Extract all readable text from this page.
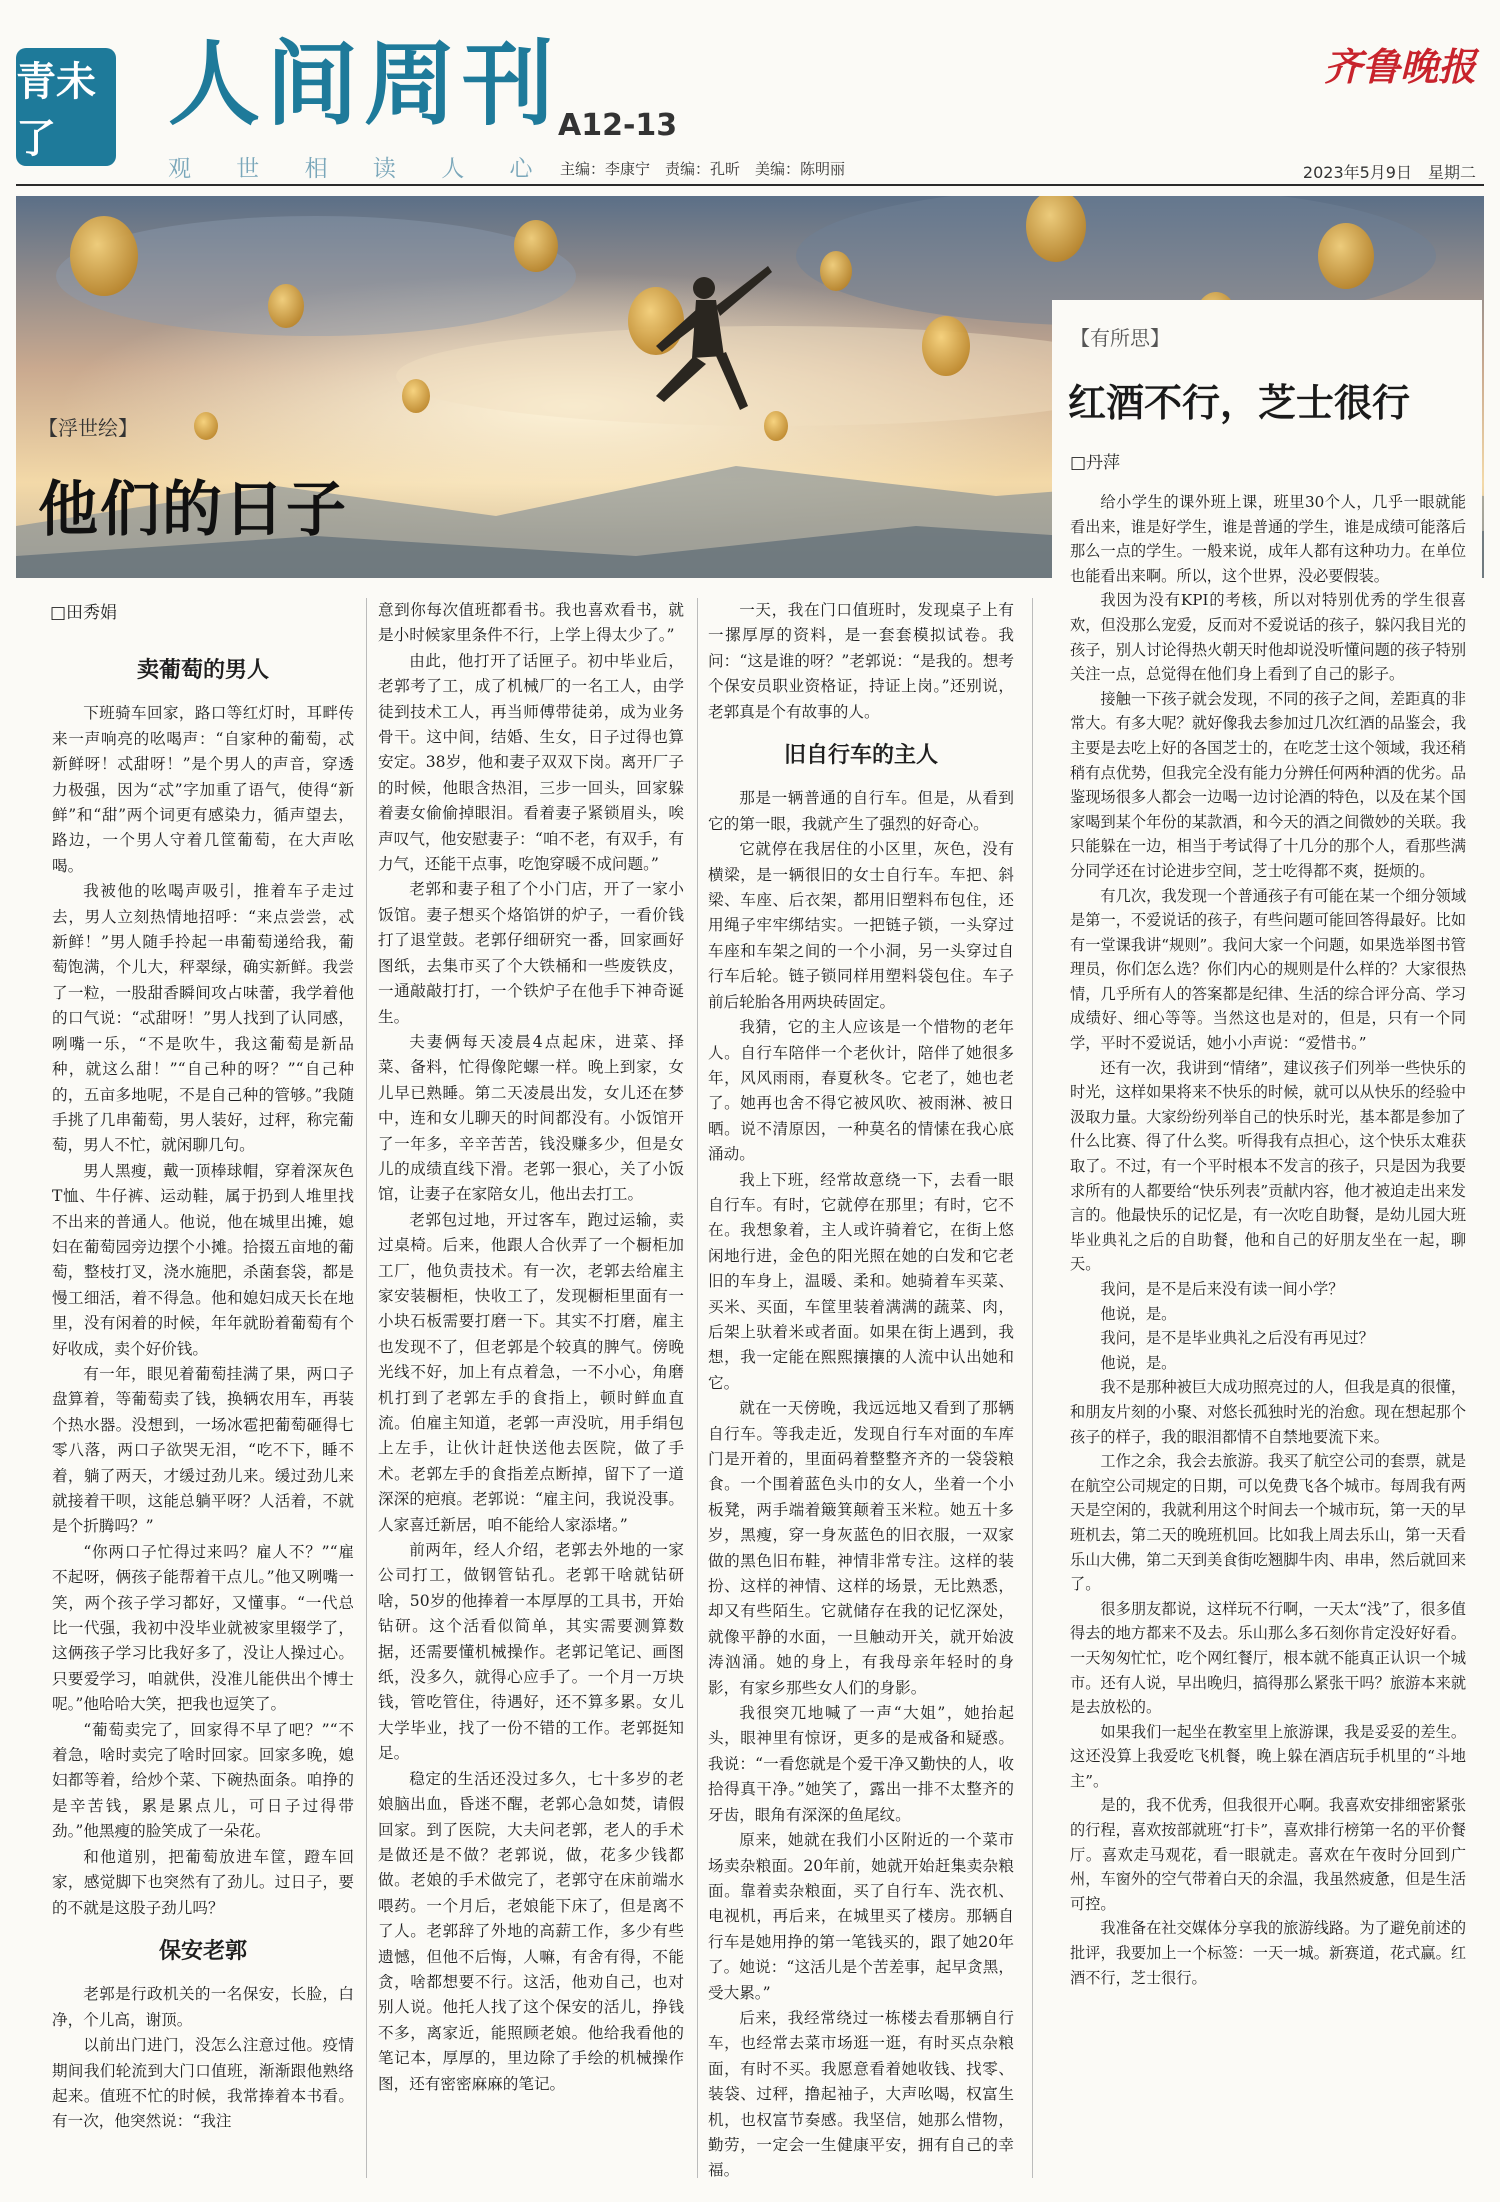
青未了
人间周刊
A12-13
观 世 相 读 人 心 主编：李康宁　责编：孔昕　美编：陈明丽
齐鲁晚报
2023年5月9日　星期二
【浮世绘】
他们的日子
□田秀娟
卖葡萄的男人

下班骑车回家，路口等红灯时，耳畔传来一声响亮的吆喝声：“自家种的葡萄，忒新鲜呀！忒甜呀！”是个男人的声音，穿透力极强，因为“忒”字加重了语气，使得“新鲜”和“甜”两个词更有感染力，循声望去，路边，一个男人守着几筐葡萄，在大声吆喝。

我被他的吆喝声吸引，推着车子走过去，男人立刻热情地招呼：“来点尝尝，忒新鲜！”男人随手拎起一串葡萄递给我，葡萄饱满，个儿大，秤翠绿，确实新鲜。我尝了一粒，一股甜香瞬间攻占味蕾，我学着他的口气说：“忒甜呀！”男人找到了认同感，咧嘴一乐，“不是吹牛，我这葡萄是新品种，就这么甜！”“自己种的呀？”“自己种的，五亩多地呢，不是自己种的管够。”我随手挑了几串葡萄，男人装好，过秤，称完葡萄，男人不忙，就闲聊几句。

男人黑瘦，戴一顶棒球帽，穿着深灰色T恤、牛仔裤、运动鞋，属于扔到人堆里找不出来的普通人。他说，他在城里出摊，媳妇在葡萄园旁边摆个小摊。拾掇五亩地的葡萄，整枝打叉，浇水施肥，杀菌套袋，都是慢工细活，着不得急。他和媳妇成天长在地里，没有闲着的时候，年年就盼着葡萄有个好收成，卖个好价钱。

有一年，眼见着葡萄挂满了果，两口子盘算着，等葡萄卖了钱，换辆农用车，再装个热水器。没想到，一场冰雹把葡萄砸得七零八落，两口子欲哭无泪，“吃不下，睡不着，躺了两天，才缓过劲儿来。缓过劲儿来就接着干呗，这能总躺平呀？人活着，不就是个折腾吗？”

“你两口子忙得过来吗？雇人不？”“雇不起呀，俩孩子能帮着干点儿。”他又咧嘴一笑，两个孩子学习都好，又懂事。“一代总比一代强，我初中没毕业就被家里辍学了，这俩孩子学习比我好多了，没让人操过心。只要爱学习，咱就供，没准儿能供出个博士呢。”他哈哈大笑，把我也逗笑了。

“葡萄卖完了，回家得不早了吧？”“不着急，啥时卖完了啥时回家。回家多晚，媳妇都等着，给炒个菜、下碗热面条。咱挣的是辛苦钱，累是累点儿，可日子过得带劲。”他黑瘦的脸笑成了一朵花。

和他道别，把葡萄放进车筐，蹬车回家，感觉脚下也突然有了劲儿。过日子，要的不就是这股子劲儿吗？

保安老郭

老郭是行政机关的一名保安，长脸，白净，个儿高，谢顶。

以前出门进门，没怎么注意过他。疫情期间我们轮流到大门口值班，渐渐跟他熟络起来。值班不忙的时候，我常捧着本书看。有一次，他突然说：“我注

意到你每次值班都看书。我也喜欢看书，就是小时候家里条件不行，上学上得太少了。”

由此，他打开了话匣子。初中毕业后，老郭考了工，成了机械厂的一名工人，由学徒到技术工人，再当师傅带徒弟，成为业务骨干。这中间，结婚、生女，日子过得也算安定。38岁，他和妻子双双下岗。离开厂子的时候，他眼含热泪，三步一回头，回家躲着妻女偷偷掉眼泪。看着妻子紧锁眉头，唉声叹气，他安慰妻子：“咱不老，有双手，有力气，还能干点事，吃饱穿暖不成问题。”

老郭和妻子租了个小门店，开了一家小饭馆。妻子想买个烙馅饼的炉子，一看价钱打了退堂鼓。老郭仔细研究一番，回家画好图纸，去集市买了个大铁桶和一些废铁皮，一通敲敲打打，一个铁炉子在他手下神奇诞生。

夫妻俩每天凌晨4点起床，进菜、择菜、备料，忙得像陀螺一样。晚上到家，女儿早已熟睡。第二天凌晨出发，女儿还在梦中，连和女儿聊天的时间都没有。小饭馆开了一年多，辛辛苦苦，钱没赚多少，但是女儿的成绩直线下滑。老郭一狠心，关了小饭馆，让妻子在家陪女儿，他出去打工。

老郭包过地，开过客车，跑过运输，卖过桌椅。后来，他跟人合伙弄了一个橱柜加工厂，他负责技术。有一次，老郭去给雇主家安装橱柜，快收工了，发现橱柜里面有一小块石板需要打磨一下。其实不打磨，雇主也发现不了，但老郭是个较真的脾气。傍晚光线不好，加上有点着急，一不小心，角磨机打到了老郭左手的食指上，顿时鲜血直流。伯雇主知道，老郭一声没吭，用手绢包上左手，让伙计赶快送他去医院，做了手术。老郭左手的食指差点断掉，留下了一道深深的疤痕。老郭说：“雇主问，我说没事。人家喜迁新居，咱不能给人家添堵。”

前两年，经人介绍，老郭去外地的一家公司打工，做钢管钻孔。老郭干啥就钻研啥，50岁的他捧着一本厚厚的工具书，开始钻研。这个活看似简单，其实需要测算数据，还需要懂机械操作。老郭记笔记、画图纸，没多久，就得心应手了。一个月一万块钱，管吃管住，待遇好，还不算多累。女儿大学毕业，找了一份不错的工作。老郭挺知足。

稳定的生活还没过多久，七十多岁的老娘脑出血，昏迷不醒，老郭心急如焚，请假回家。到了医院，大夫问老郭，老人的手术是做还是不做？老郭说，做，花多少钱都做。老娘的手术做完了，老郭守在床前端水喂药。一个月后，老娘能下床了，但是离不了人。老郭辞了外地的高薪工作，多少有些遗憾，但他不后悔，人嘛，有舍有得，不能贪，啥都想要不行。这活，他劝自己，也对别人说。他托人找了这个保安的活儿，挣钱不多，离家近，能照顾老娘。他给我看他的笔记本，厚厚的，里边除了手绘的机械操作图，还有密密麻麻的笔记。

一天，我在门口值班时，发现桌子上有一摞厚厚的资料，是一套套模拟试卷。我问：“这是谁的呀？”老郭说：“是我的。想考个保安员职业资格证，持证上岗。”还别说，老郭真是个有故事的人。

旧自行车的主人

那是一辆普通的自行车。但是，从看到它的第一眼，我就产生了强烈的好奇心。

它就停在我居住的小区里，灰色，没有横梁，是一辆很旧的女士自行车。车把、斜梁、车座、后衣架，都用旧塑料布包住，还用绳子牢牢绑结实。一把链子锁，一头穿过车座和车架之间的一个小洞，另一头穿过自行车后轮。链子锁同样用塑料袋包住。车子前后轮胎各用两块砖固定。

我猜，它的主人应该是一个惜物的老年人。自行车陪伴一个老伙计，陪伴了她很多年，风风雨雨，春夏秋冬。它老了，她也老了。她再也舍不得它被风吹、被雨淋、被日晒。说不清原因，一种莫名的情愫在我心底涌动。

我上下班，经常故意绕一下，去看一眼自行车。有时，它就停在那里；有时，它不在。我想象着，主人或许骑着它，在街上悠闲地行进，金色的阳光照在她的白发和它老旧的车身上，温暖、柔和。她骑着车买菜、买米、买面，车筐里装着满满的蔬菜、肉，后架上驮着米或者面。如果在街上遇到，我想，我一定能在熙熙攘攘的人流中认出她和它。

就在一天傍晚，我远远地又看到了那辆自行车。等我走近，发现自行车对面的车库门是开着的，里面码着整整齐齐的一袋袋粮食。一个围着蓝色头巾的女人，坐着一个小板凳，两手端着簸箕颠着玉米粒。她五十多岁，黑瘦，穿一身灰蓝色的旧衣服，一双家做的黑色旧布鞋，神情非常专注。这样的装扮、这样的神情、这样的场景，无比熟悉，却又有些陌生。它就储存在我的记忆深处，就像平静的水面，一旦触动开关，就开始波涛汹涌。她的身上，有我母亲年轻时的身影，有家乡那些女人们的身影。

我很突兀地喊了一声“大姐”，她抬起头，眼神里有惊讶，更多的是戒备和疑惑。我说：“一看您就是个爱干净又勤快的人，收拾得真干净。”她笑了，露出一排不太整齐的牙齿，眼角有深深的鱼尾纹。

原来，她就在我们小区附近的一个菜市场卖杂粮面。20年前，她就开始赶集卖杂粮面。靠着卖杂粮面，买了自行车、洗衣机、电视机，再后来，在城里买了楼房。那辆自行车是她用挣的第一笔钱买的，跟了她20年了。她说：“这活儿是个苦差事，起早贪黑，受大累。”

后来，我经常绕过一栋楼去看那辆自行车，也经常去菜市场逛一逛，有时买点杂粮面，有时不买。我愿意看着她收钱、找零、装袋、过秤，撸起袖子，大声吆喝，权富生机，也权富节奏感。我坚信，她那么惜物，勤劳，一定会一生健康平安，拥有自己的幸福。

【有所思】
红酒不行，芝士很行
□丹萍

给小学生的课外班上课，班里30个人，几乎一眼就能看出来，谁是好学生，谁是普通的学生，谁是成绩可能落后那么一点的学生。一般来说，成年人都有这种功力。在单位也能看出来啊。所以，这个世界，没必要假装。

我因为没有KPI的考核，所以对特别优秀的学生很喜欢，但没那么宠爱，反而对不爱说话的孩子，躲闪我目光的孩子，别人讨论得热火朝天时他却说没听懂问题的孩子特别关注一点，总觉得在他们身上看到了自己的影子。

接触一下孩子就会发现，不同的孩子之间，差距真的非常大。有多大呢？就好像我去参加过几次红酒的品鉴会，我主要是去吃上好的各国芝士的，在吃芝士这个领域，我还稍稍有点优势，但我完全没有能力分辨任何两种酒的优劣。品鉴现场很多人都会一边喝一边讨论酒的特色，以及在某个国家喝到某个年份的某款酒，和今天的酒之间微妙的关联。我只能躲在一边，相当于考试得了十几分的那个人，看那些满分同学还在讨论进步空间，芝士吃得都不爽，挺烦的。

有几次，我发现一个普通孩子有可能在某一个细分领域是第一，不爱说话的孩子，有些问题可能回答得最好。比如有一堂课我讲“规则”。我问大家一个问题，如果选举图书管理员，你们怎么选？你们内心的规则是什么样的？大家很热情，几乎所有人的答案都是纪律、生活的综合评分高、学习成绩好、细心等等。当然这也是对的，但是，只有一个同学，平时不爱说话，她小小声说：“爱惜书。”

还有一次，我讲到“情绪”，建议孩子们列举一些快乐的时光，这样如果将来不快乐的时候，就可以从快乐的经验中汲取力量。大家纷纷列举自己的快乐时光，基本都是参加了什么比赛、得了什么奖。听得我有点担心，这个快乐太难获取了。不过，有一个平时根本不发言的孩子，只是因为我要求所有的人都要给“快乐列表”贡献内容，他才被迫走出来发言的。他最快乐的记忆是，有一次吃自助餐，是幼儿园大班毕业典礼之后的自助餐，他和自己的好朋友坐在一起，聊天。

我问，是不是后来没有读一间小学？

他说，是。

我问，是不是毕业典礼之后没有再见过？

他说，是。

我不是那种被巨大成功照亮过的人，但我是真的很懂，和朋友片刻的小聚、对悠长孤独时光的治愈。现在想起那个孩子的样子，我的眼泪都情不自禁地要流下来。

工作之余，我会去旅游。我买了航空公司的套票，就是在航空公司规定的日期，可以免费飞各个城市。每周我有两天是空闲的，我就利用这个时间去一个城市玩，第一天的早班机去，第二天的晚班机回。比如我上周去乐山，第一天看乐山大佛，第二天到美食街吃翘脚牛肉、串串，然后就回来了。

很多朋友都说，这样玩不行啊，一天太“浅”了，很多值得去的地方都来不及去。乐山那么多石刻你肯定没好好看。一天匆匆忙忙，吃个网红餐厅，根本就不能真正认识一个城市。还有人说，早出晚归，搞得那么紧张干吗？旅游本来就是去放松的。

如果我们一起坐在教室里上旅游课，我是妥妥的差生。这还没算上我爱吃飞机餐，晚上躲在酒店玩手机里的“斗地主”。

是的，我不优秀，但我很开心啊。我喜欢安排细密紧张的行程，喜欢按部就班“打卡”，喜欢排行榜第一名的平价餐厅。喜欢走马观花，看一眼就走。喜欢在午夜时分回到广州，车窗外的空气带着白天的余温，我虽然疲惫，但是生活可控。

我准备在社交媒体分享我的旅游线路。为了避免前述的批评，我要加上一个标签：一天一城。新赛道，花式赢。红酒不行，芝士很行。
